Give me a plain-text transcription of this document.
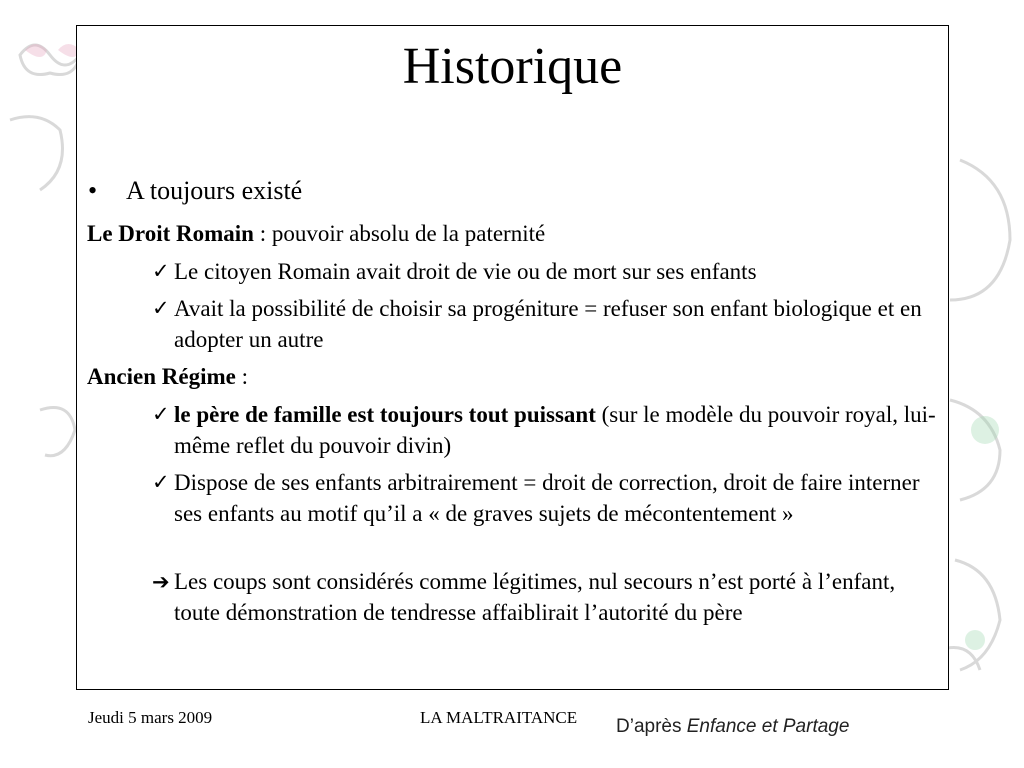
Historique
• A toujours existé
Le Droit Romain : pouvoir absolu de la paternité
✓ Le citoyen Romain avait droit de vie ou de mort sur ses enfants
✓ Avait la possibilité de choisir sa progéniture = refuser son enfant biologique et en adopter un autre
Ancien Régime :
✓ le père de famille est toujours tout puissant (sur le modèle du pouvoir royal, lui-même reflet du pouvoir divin)
✓ Dispose de ses enfants arbitrairement = droit de correction, droit de faire interner ses enfants au motif qu’il a « de graves sujets de mécontentement »
➔ Les coups sont considérés comme légitimes, nul secours n’est porté à l’enfant, toute démonstration de tendresse affaiblirait l’autorité du père
Jeudi 5 mars 2009	LA MALTRAITANCE D’après Enfance et Partage
